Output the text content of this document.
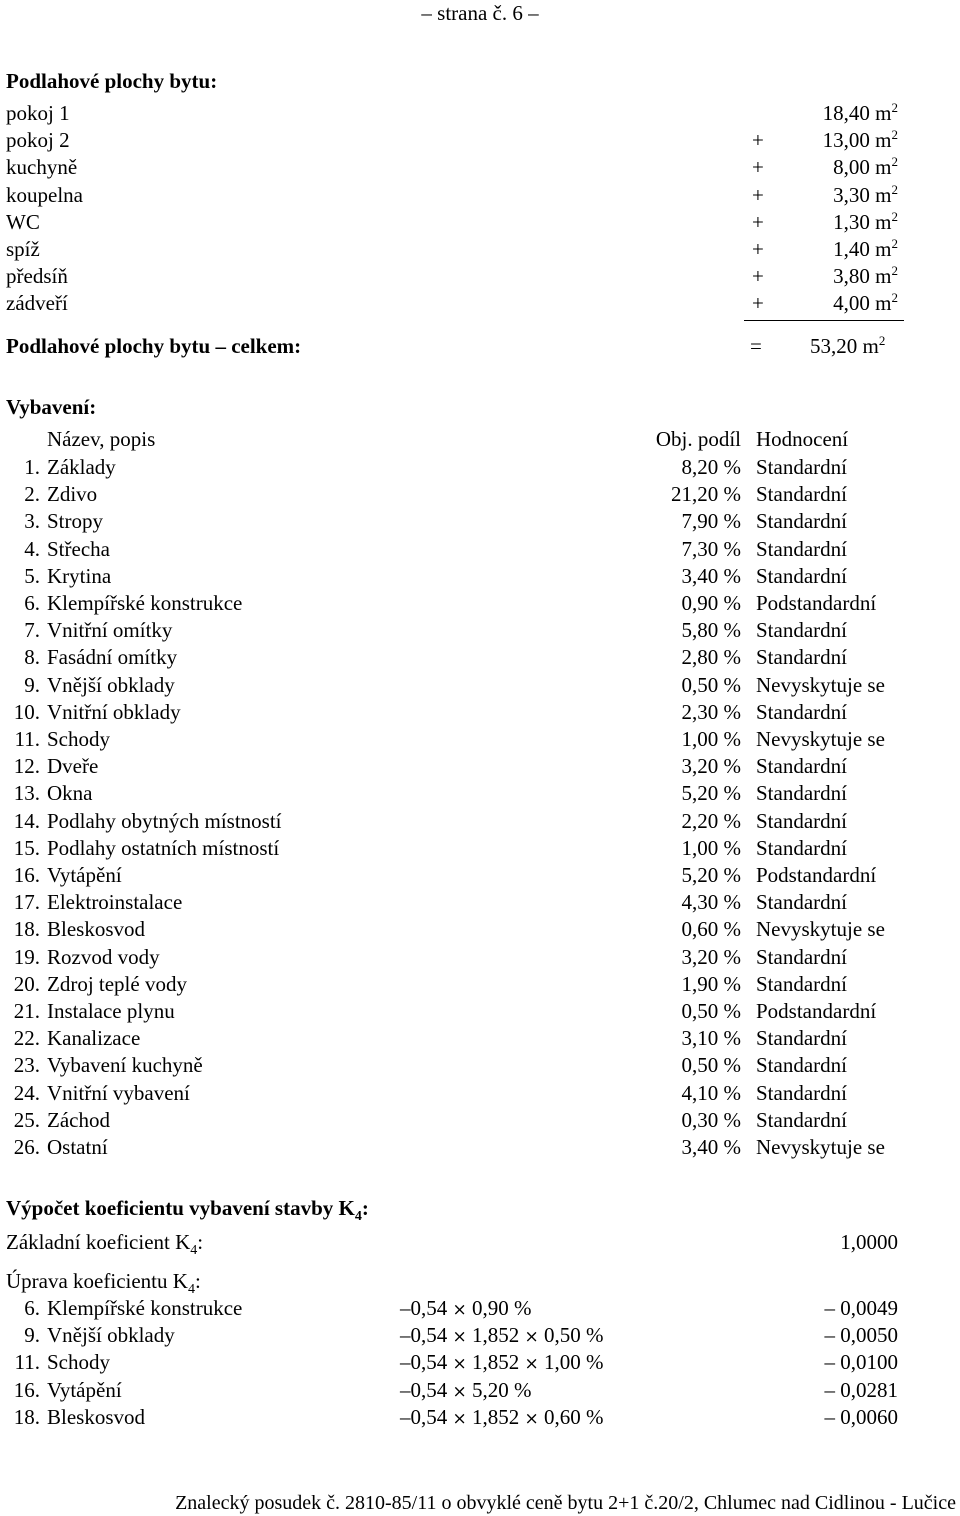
– strana č. 6 –
Podlahové plochy bytu:
pokoj 1	18,40 $m^2$
pokoj 2	+	13,00 $m^2$
kuchyně	+	8,00 $m^2$
koupelna	+	3,30 $m^2$
WC	+	1,30 $m^2$
spíž	+	1,40 $m^2$
předsíň	+	3,80 $m^2$
zádveří	+	4,00 $m^2$
Podlahové plochy bytu – celkem:	= 53,20 $m^2$
Vybavení:
Název, popis	Obj. podíl Hodnocení
1. Základy	8,20 % Standardní
2. Zdivo	21,20 % Standardní
3. Stropy	7,90 % Standardní
4. Střecha	7,30 % Standardní
5. Krytina	3,40 % Standardní
6. Klempířské konstrukce	0,90 % Podstandardní
7. Vnitřní omítky	5,80 % Standardní
8. Fasádní omítky	2,80 % Standardní
9. Vnější obklady	0,50 % Nevyskytuje se
10. Vnitřní obklady	2,30 % Standardní
11. Schody	1,00 % Nevyskytuje se
12. Dveře	3,20 % Standardní
13. Okna	5,20 % Standardní
14. Podlahy obytných místností	2,20 % Standardní
15. Podlahy ostatních místností	1,00 % Standardní
16. Vytápění	5,20 % Podstandardní
17. Elektroinstalace	4,30 % Standardní
18. Bleskosvod	0,60 % Nevyskytuje se
19. Rozvod vody	3,20 % Standardní
20. Zdroj teplé vody	1,90 % Standardní
21. Instalace plynu	0,50 % Podstandardní
22. Kanalizace	3,10 % Standardní
23. Vybavení kuchyně	0,50 % Standardní
24. Vnitřní vybavení	4,10 % Standardní
25. Záchod	0,30 % Standardní
26. Ostatní	3,40 % Nevyskytuje se
Výpočet koeficientu vybavení stavby $K_4$:
Základní koeficient $K_4$:	1,0000
Úprava koeficientu $K_4$:
6. Klempířské konstrukce	–0,54 × 0,90 %	– 0,0049
9. Vnější obklady	–0,54 × 1,852 × 0,50 %	– 0,0050
11. Schody	–0,54 × 1,852 × 1,00 %	– 0,0100
16. Vytápění	–0,54 × 5,20 %	– 0,0281
18. Bleskosvod	–0,54 × 1,852 × 0,60 %	– 0,0060
Znalecký posudek č. 2810-85/11 o obvyklé ceně bytu 2+1 č.20/2, Chlumec nad Cidlinou - Lučice
